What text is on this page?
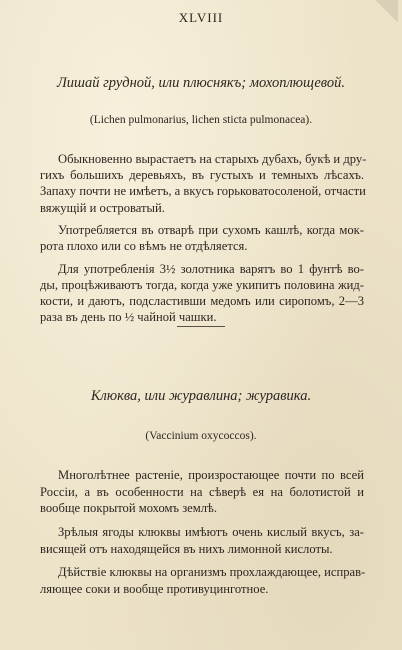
XLVIII
Лишай грудной, или плюснякъ; мохоплющевой.
(Lichen pulmonarius, lichen sticta pulmonacea).
Обыкновенно вырастаетъ на старыхъ дубахъ, букѣ и дру-
гихъ большихъ деревьяхъ, въ густыхъ и темныхъ лѣсахъ.
Запаху почти не имѣетъ, а вкусъ горьковатосоленой, отчасти
вяжущій и островатый.
Употребляется въ отварѣ при сухомъ кашлѣ, когда мок-
рота плохо или со вѣмъ не отдѣляется.
Для употребленія 3½ золотника варятъ во 1 фунтѣ во-
ды, процѣживаютъ тогда, когда уже укипитъ половина жид-
кости, и даютъ, подсластивши медомъ или сиропомъ, 2—3
раза въ день по ½ чайной чашки.
Клюква, или журавлина; журавика.
(Vaccinium oxycoccos).
Многолѣтнее растеніе, произростающее почти по всей
Россіи, а въ особенности на сѣверѣ ея на болотистой и
вообще покрытой мохомъ землѣ.
Зрѣлыя ягоды клюквы имѣютъ очень кислый вкусъ, за-
висящей отъ находящейся въ нихъ лимонной кислоты.
Дѣйствіе клюквы на организмъ прохлаждающее, исправ-
ляющее соки и вообще противуцинготное.
